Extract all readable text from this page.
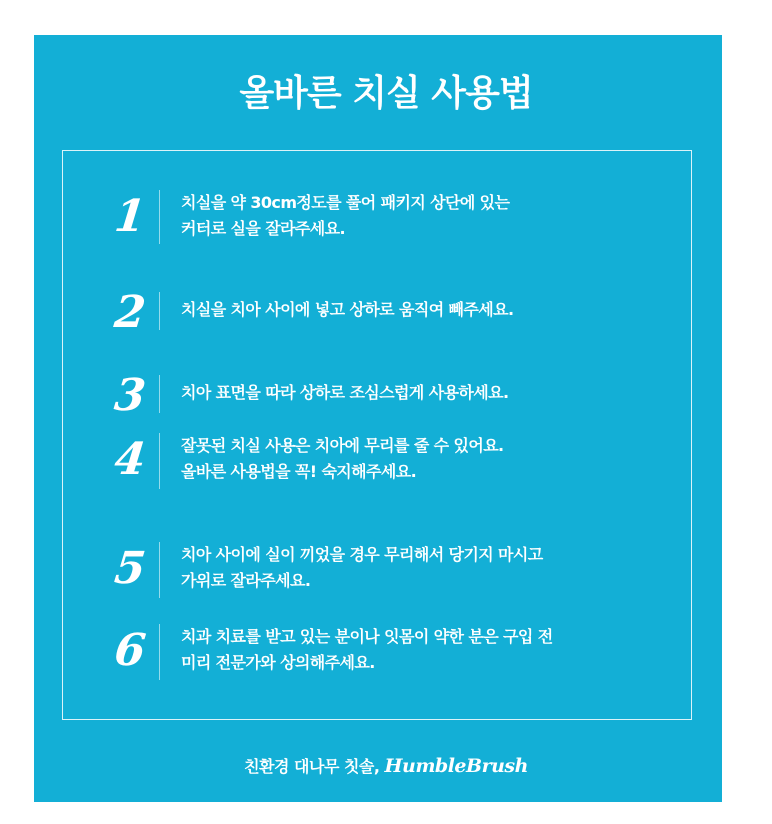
올바른 치실 사용법
1 치실을 약 30cm정도를 풀어 패키지 상단에 있는
커터로 실을 잘라주세요.
2 치실을 치아 사이에 넣고 상하로 움직여 빼주세요.
3 치아 표면을 따라 상하로 조심스럽게 사용하세요.
4 잘못된 치실 사용은 치아에 무리를 줄 수 있어요.
올바른 사용법을 꼭! 숙지해주세요.
5 치아 사이에 실이 끼었을 경우 무리해서 당기지 마시고
가위로 잘라주세요.
6 치과 치료를 받고 있는 분이나 잇몸이 약한 분은 구입 전
미리 전문가와 상의해주세요.
친환경 대나무 칫솔, HumbleBrush
